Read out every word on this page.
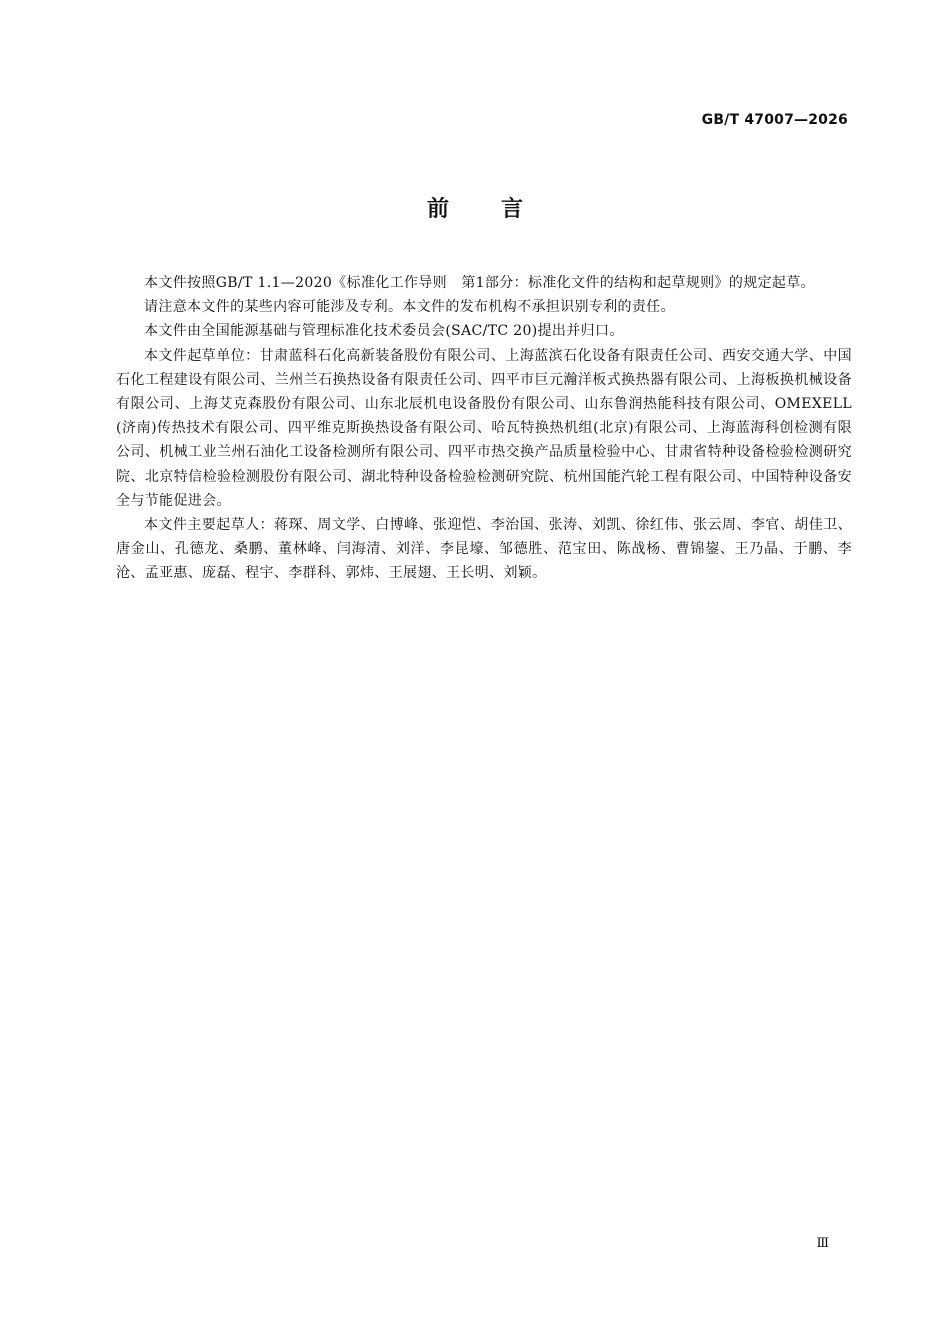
GB/T 47007—2026
前言

本文件按照GB/T 1.1—2020《标准化工作导则　第1部分：标准化文件的结构和起草规则》的规定起草。

请注意本文件的某些内容可能涉及专利。本文件的发布机构不承担识别专利的责任。

本文件由全国能源基础与管理标准化技术委员会(SAC/TC 20)提出并归口。

本文件起草单位：甘肃蓝科石化高新装备股份有限公司、上海蓝滨石化设备有限责任公司、西安交通大学、中国石化工程建设有限公司、兰州兰石换热设备有限责任公司、四平市巨元瀚洋板式换热器有限公司、上海板换机械设备有限公司、上海艾克森股份有限公司、山东北辰机电设备股份有限公司、山东鲁润热能科技有限公司、OMEXELL(济南)传热技术有限公司、四平维克斯换热设备有限公司、哈瓦特换热机组(北京)有限公司、上海蓝海科创检测有限公司、机械工业兰州石油化工设备检测所有限公司、四平市热交换产品质量检验中心、甘肃省特种设备检验检测研究院、北京特信检验检测股份有限公司、湖北特种设备检验检测研究院、杭州国能汽轮工程有限公司、中国特种设备安全与节能促进会。

本文件主要起草人：蒋琛、周文学、白博峰、张迎恺、李治国、张涛、刘凯、徐红伟、张云周、李官、胡佳卫、唐金山、孔德龙、桑鹏、董林峰、闫海清、刘洋、李昆壕、邹德胜、范宝田、陈战杨、曹锦鋆、王乃晶、于鹏、李沧、孟亚惠、庞磊、程宇、李群科、郭炜、王展翅、王长明、刘颖。

Ⅲ
